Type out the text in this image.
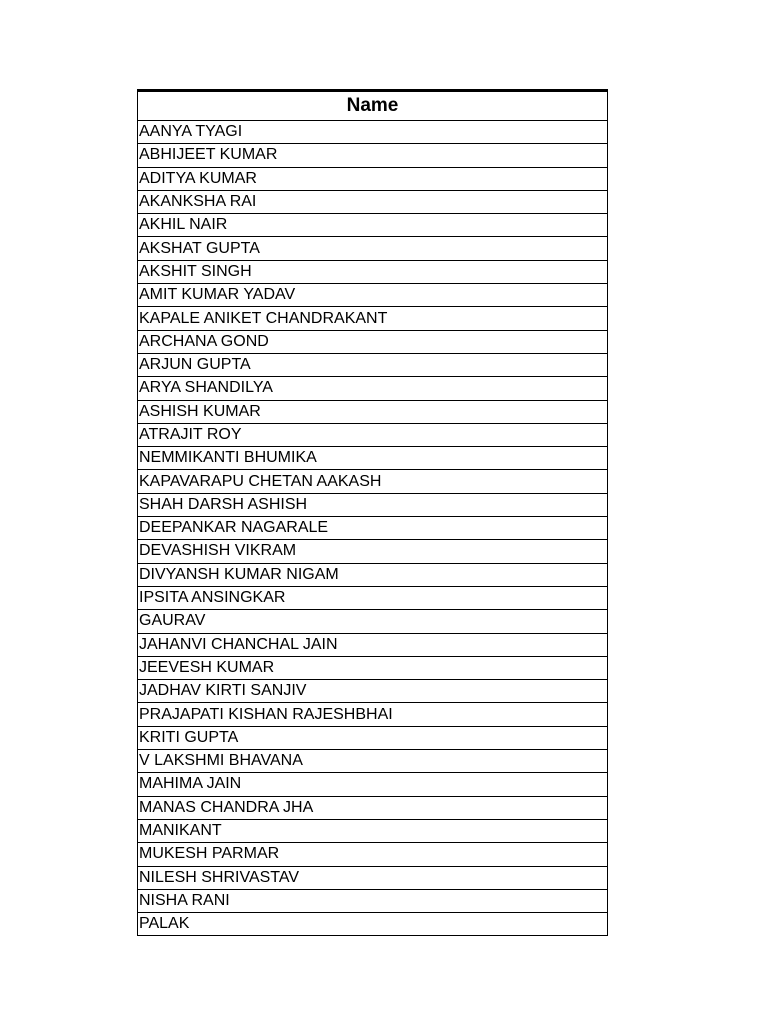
Name
AANYA TYAGI
ABHIJEET KUMAR
ADITYA KUMAR
AKANKSHA RAI
AKHIL NAIR
AKSHAT GUPTA
AKSHIT SINGH
AMIT KUMAR YADAV
KAPALE ANIKET CHANDRAKANT
ARCHANA GOND
ARJUN GUPTA
ARYA SHANDILYA
ASHISH KUMAR
ATRAJIT ROY
NEMMIKANTI BHUMIKA
KAPAVARAPU CHETAN AAKASH
SHAH DARSH ASHISH
DEEPANKAR NAGARALE
DEVASHISH VIKRAM
DIVYANSH KUMAR NIGAM
IPSITA ANSINGKAR
GAURAV
JAHANVI CHANCHAL JAIN
JEEVESH KUMAR
JADHAV KIRTI SANJIV
PRAJAPATI KISHAN RAJESHBHAI
KRITI GUPTA
V LAKSHMI BHAVANA
MAHIMA JAIN
MANAS CHANDRA JHA
MANIKANT
MUKESH PARMAR
NILESH SHRIVASTAV
NISHA RANI
PALAK
